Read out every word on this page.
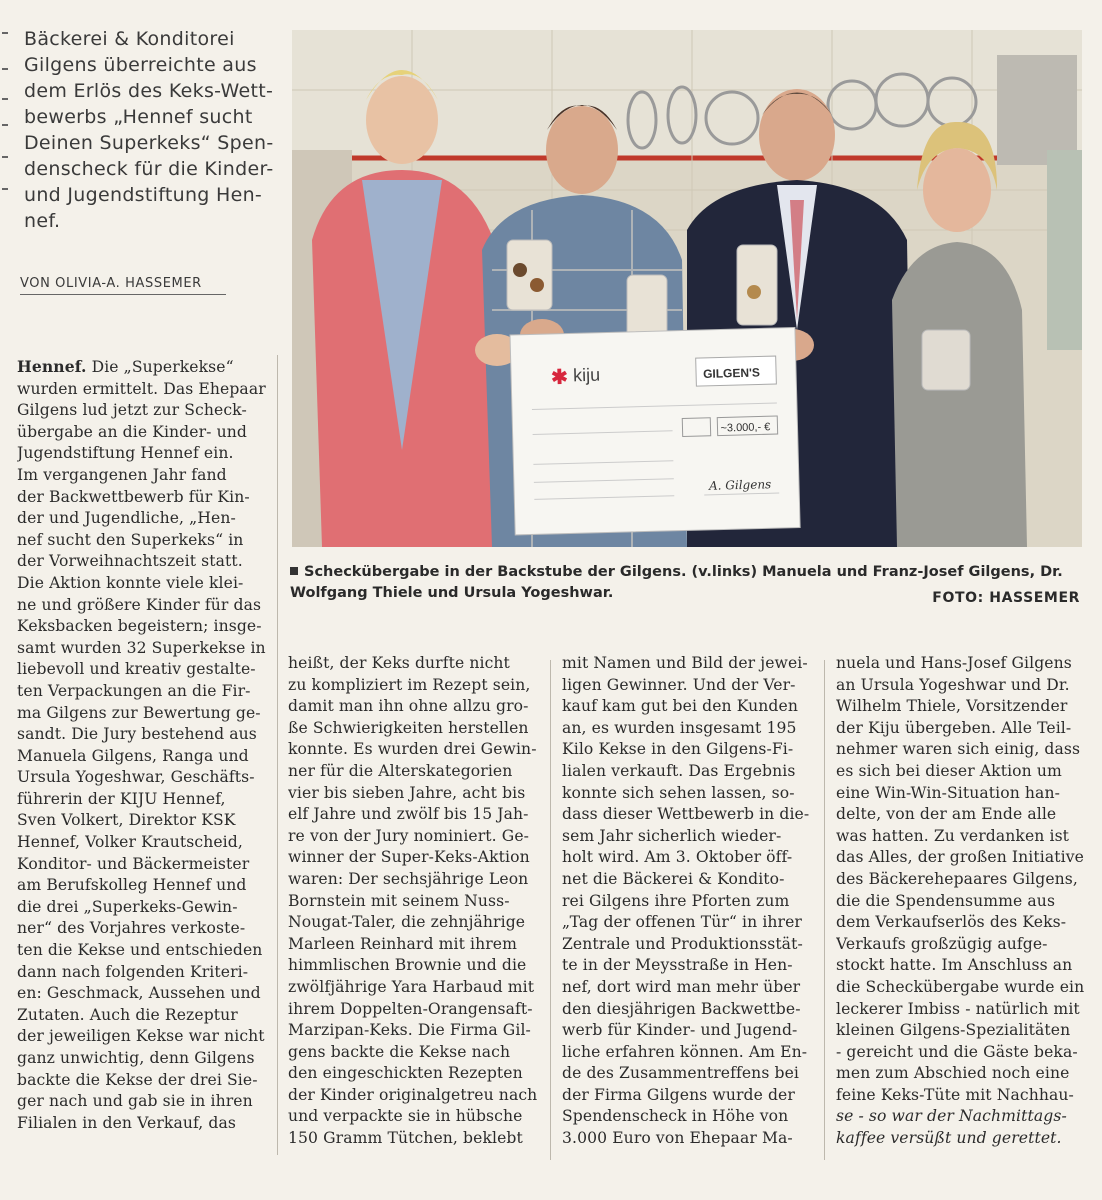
Bäckerei & Konditorei
Gilgens überreichte aus
dem Erlös des Keks-Wett-
bewerbs „Hennef sucht
Deinen Superkeks“ Spen-
denscheck für die Kinder-
und Jugendstiftung Hen-
nef.
VON OLIVIA-A. HASSEMER
Hennef. Die „Superkekse“
wurden ermittelt. Das Ehepaar
Gilgens lud jetzt zur Scheck-
übergabe an die Kinder- und
Jugendstiftung Hennef ein.
Im vergangenen Jahr fand
der Backwettbewerb für Kin-
der und Jugendliche, „Hen-
nef sucht den Superkeks“ in
der Vorweihnachtszeit statt.
Die Aktion konnte viele klei-
ne und größere Kinder für das
Keksbacken begeistern; insge-
samt wurden 32 Superkekse in
liebevoll und kreativ gestalte-
ten Verpackungen an die Fir-
ma Gilgens zur Bewertung ge-
sandt. Die Jury bestehend aus
Manuela Gilgens, Ranga und
Ursula Yogeshwar, Geschäfts-
führerin der KIJU Hennef,
Sven Volkert, Direktor KSK
Hennef, Volker Krautscheid,
Konditor- und Bäckermeister
am Berufskolleg Hennef und
die drei „Superkeks-Gewin-
ner“ des Vorjahres verkoste-
ten die Kekse und entschieden
dann nach folgenden Kriteri-
en: Geschmack, Aussehen und
Zutaten. Auch die Rezeptur
der jeweiligen Kekse war nicht
ganz unwichtig, denn Gilgens
backte die Kekse der drei Sie-
ger nach und gab sie in ihren
Filialen in den Verkauf, das
heißt, der Keks durfte nicht
zu kompliziert im Rezept sein,
damit man ihn ohne allzu gro-
ße Schwierigkeiten herstellen
konnte. Es wurden drei Gewin-
ner für die Alterskategorien
vier bis sieben Jahre, acht bis
elf Jahre und zwölf bis 15 Jah-
re von der Jury nominiert. Ge-
winner der Super-Keks-Aktion
waren: Der sechsjährige Leon
Bornstein mit seinem Nuss-
Nougat-Taler, die zehnjährige
Marleen Reinhard mit ihrem
himmlischen Brownie und die
zwölfjährige Yara Harbaud mit
ihrem Doppelten-Orangensaft-
Marzipan-Keks. Die Firma Gil-
gens backte die Kekse nach
den eingeschickten Rezepten
der Kinder originalgetreu nach
und verpackte sie in hübsche
150 Gramm Tütchen, beklebt
mit Namen und Bild der jewei-
ligen Gewinner. Und der Ver-
kauf kam gut bei den Kunden
an, es wurden insgesamt 195
Kilo Kekse in den Gilgens-Fi-
lialen verkauft. Das Ergebnis
konnte sich sehen lassen, so-
dass dieser Wettbewerb in die-
sem Jahr sicherlich wieder-
holt wird. Am 3. Oktober öff-
net die Bäckerei & Kondito-
rei Gilgens ihre Pforten zum
„Tag der offenen Tür“ in ihrer
Zentrale und Produktionsstät-
te in der Meysstraße in Hen-
nef, dort wird man mehr über
den diesjährigen Backwettbe-
werb für Kinder- und Jugend-
liche erfahren können. Am En-
de des Zusammentreffens bei
der Firma Gilgens wurde der
Spendenscheck in Höhe von
3.000 Euro von Ehepaar Ma-
nuela und Hans-Josef Gilgens
an Ursula Yogeshwar und Dr.
Wilhelm Thiele, Vorsitzender
der Kiju übergeben. Alle Teil-
nehmer waren sich einig, dass
es sich bei dieser Aktion um
eine Win-Win-Situation han-
delte, von der am Ende alle
was hatten. Zu verdanken ist
das Alles, der großen Initiative
des Bäckerehepaares Gilgens,
die die Spendensumme aus
dem Verkaufserlös des Keks-
Verkaufs großzügig aufge-
stockt hatte. Im Anschluss an
die Scheckübergabe wurde ein
leckerer Imbiss - natürlich mit
kleinen Gilgens-Spezialitäten
- gereicht und die Gäste beka-
men zum Abschied noch eine
feine Keks-Tüte mit Nachhau-
se - so war der Nachmittags-
kaffee versüßt und gerettet.
✱ kiju	GILGEN'S
~3.000,- €
A. Gilgens
Scheckübergabe in der Backstube der Gilgens. (v.links) Manuela und Franz-Josef Gilgens, Dr.
Wolfgang Thiele und Ursula Yogeshwar.	FOTO: HASSEMER
